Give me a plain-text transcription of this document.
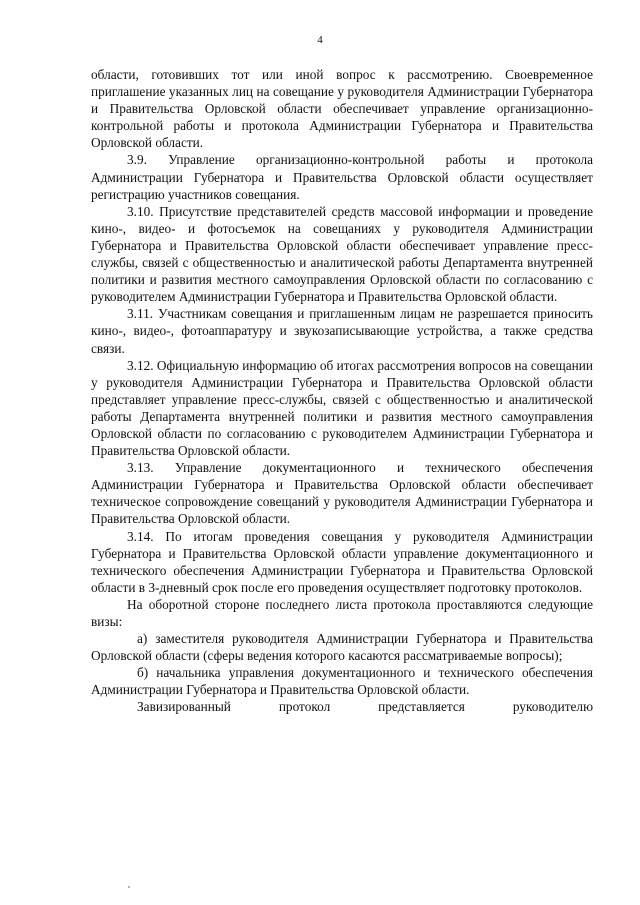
4

области, готовивших тот или иной вопрос к рассмотрению. Своевременное приглашение указанных лиц на совещание у руководителя Администрации Губернатора и Правительства Орловской области обеспечивает управление организационно-контрольной работы и протокола Администрации Губернатора и Правительства Орловской области.

3.9. Управление организационно-контрольной работы и протокола Администрации Губернатора и Правительства Орловской области осуществляет регистрацию участников совещания.

3.10. Присутствие представителей средств массовой информации и проведение кино-, видео- и фотосъемок на совещаниях у руководителя Администрации Губернатора и Правительства Орловской области обеспечивает управление пресс-службы, связей с общественностью и аналитической работы Департамента внутренней политики и развития местного самоуправления Орловской области по согласованию с руководителем Администрации Губернатора и Правительства Орловской области.

3.11. Участникам совещания и приглашенным лицам не разрешается приносить кино-, видео-, фотоаппаратуру и звукозаписывающие устройства, а также средства связи.

3.12. Официальную информацию об итогах рассмотрения вопросов на совещании у руководителя Администрации Губернатора и Правительства Орловской области представляет управление пресс-службы, связей с общественностью и аналитической работы Департамента внутренней политики и развития местного самоуправления Орловской области по согласованию с руководителем Администрации Губернатора и Правительства Орловской области.

3.13. Управление документационного и технического обеспечения Администрации Губернатора и Правительства Орловской области обеспечивает техническое сопровождение совещаний у руководителя Администрации Губернатора и Правительства Орловской области.

3.14. По итогам проведения совещания у руководителя Администрации Губернатора и Правительства Орловской области управление документационного и технического обеспечения Администрации Губернатора и Правительства Орловской области в 3-дневный срок после его проведения осуществляет подготовку протоколов.

На оборотной стороне последнего листа протокола проставляются следующие визы:

а) заместителя руководителя Администрации Губернатора и Правительства Орловской области (сферы ведения которого касаются рассматриваемые вопросы);

б) начальника управления документационного и технического обеспечения Администрации Губернатора и Правительства Орловской области.

Завизированный протокол представляется руководителю
